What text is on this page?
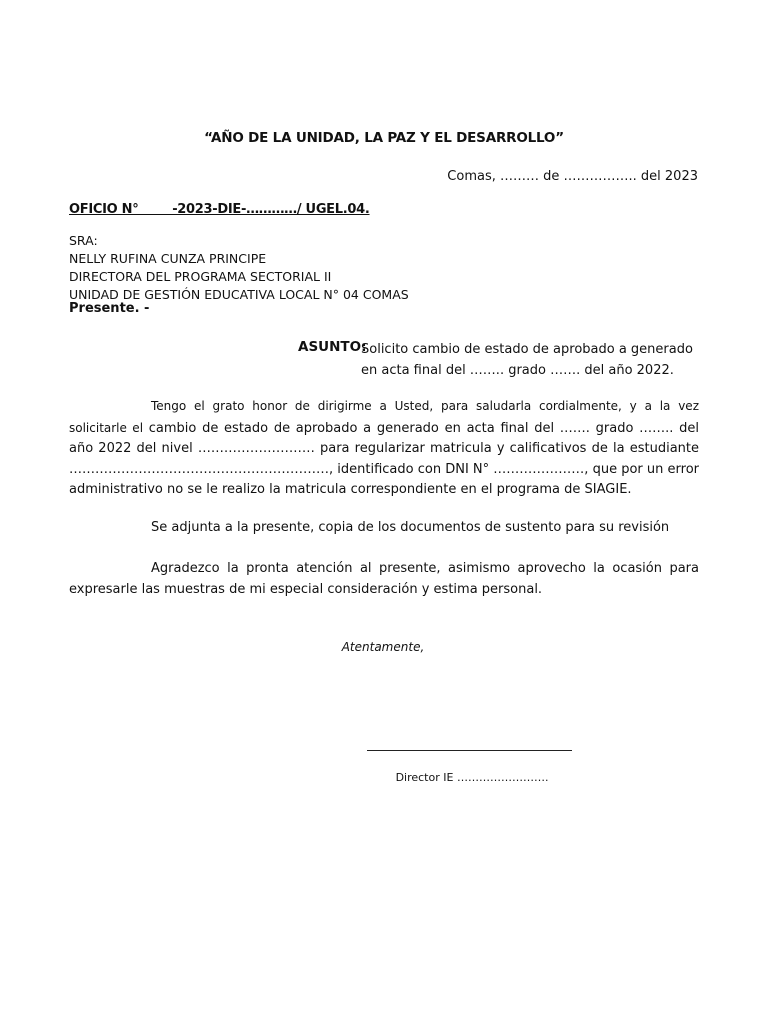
“AÑO DE LA UNIDAD, LA PAZ Y EL DESARROLLO”
Comas, ……… de …………….. del 2023
OFICIO N°        -2023-DIE-…………/ UGEL.04.
SRA:
NELLY RUFINA CUNZA PRINCIPE
DIRECTORA DEL PROGRAMA SECTORIAL II
UNIDAD DE GESTIÓN EDUCATIVA LOCAL N° 04 COMAS
Presente. -
ASUNTO:
Solicito cambio de estado de aprobado a generado en acta final del …….. grado ……. del año 2022.
Tengo el grato honor de dirigirme a Usted, para saludarla cordialmente, y a la vez solicitarle el cambio de estado de aprobado a generado en acta final del ……. grado …….. del año 2022 del nivel ……………………… para regularizar matricula y calificativos de la estudiante ……………………………………………………, identificado con DNI N° …………………, que por un error administrativo no se le realizo la matricula correspondiente en el programa de SIAGIE.
Se adjunta a la presente, copia de los documentos de sustento para su revisión
Agradezco la pronta atención al presente, asimismo aprovecho la ocasión para expresarle las muestras de mi especial consideración y estima personal.
Atentamente,
Director IE …………………….
